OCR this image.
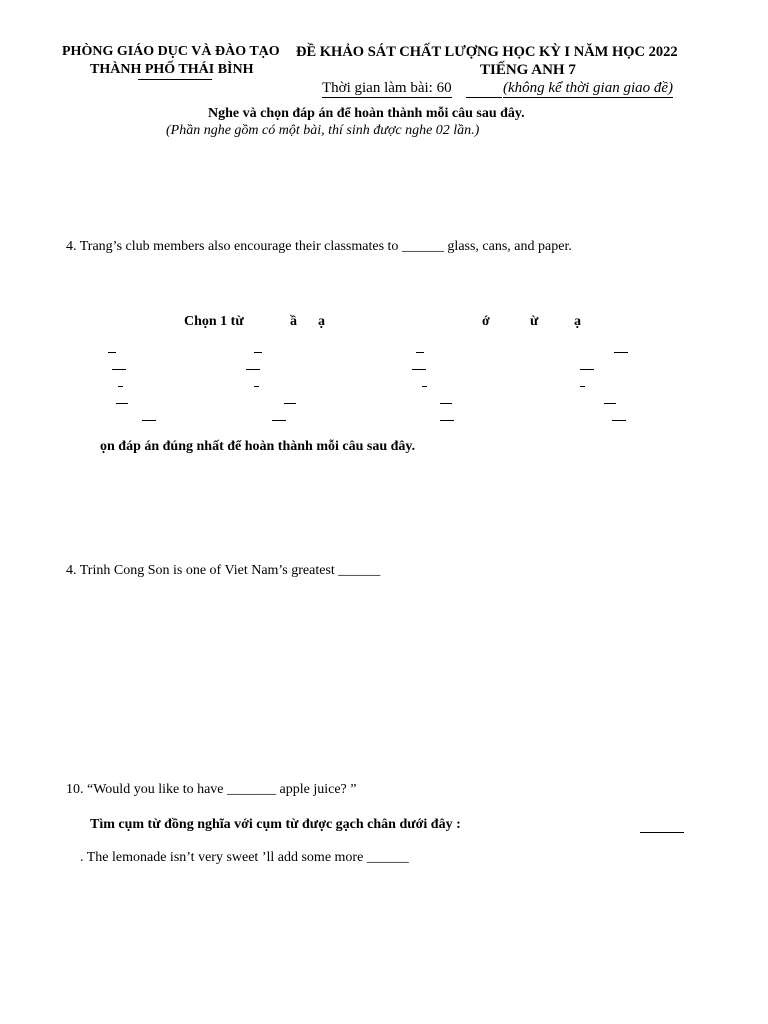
PHÒNG GIÁO DỤC VÀ ĐÀO TẠO
THÀNH PHỐ THÁI BÌNH
ĐỀ KHẢO SÁT CHẤT LƯỢNG HỌC KỲ I NĂM HỌC 2022
TIẾNG ANH 7
Thời gian làm bài: 60	(không kể thời gian giao đề)
Nghe và chọn đáp án để hoàn thành mỗi câu sau đây.
(Phần nghe gồm có một bài, thí sinh được nghe 02 lần.)
4. Trang’s club members also encourage their classmates to ______ glass, cans, and paper.
Chọn 1 từ	ầ ạ	ớ	ừ	ạ
ọn đáp án đúng nhất để hoàn thành mỗi câu sau đây.
4. Trinh Cong Son is one of Viet Nam’s greatest ______
10. “Would you like to have _______ apple juice? ”
Tìm cụm từ đồng nghĩa với cụm từ được gạch chân dưới đây :
. The lemonade isn’t very sweet ’ll add some more ______
